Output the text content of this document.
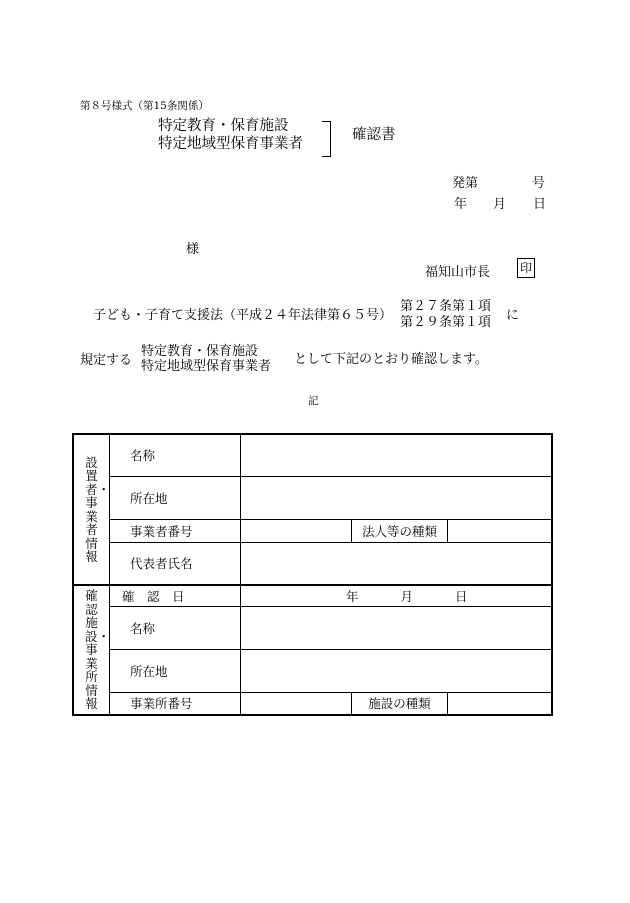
第８号様式（第15条関係）
特定教育・保育施設
特定地域型保育事業者
確認書
発第	号
年 月 日
様
福知山市長 印
子ども・子育て支援法（平成２４年法律第６５号）
第２７条第１項
第２９条第１項 に
規定する
特定教育・保育施設
特定地域型保育事業者 として下記のとおり確認します。
記
設置者・事業者情報	名称			
	所在地			
	事業者番号		法人等の種類	
	代表者氏名			
確認施設・事業所情報	確　認　日	年 月 日		
	名称			
	所在地			
	事業所番号		施設の種類	
